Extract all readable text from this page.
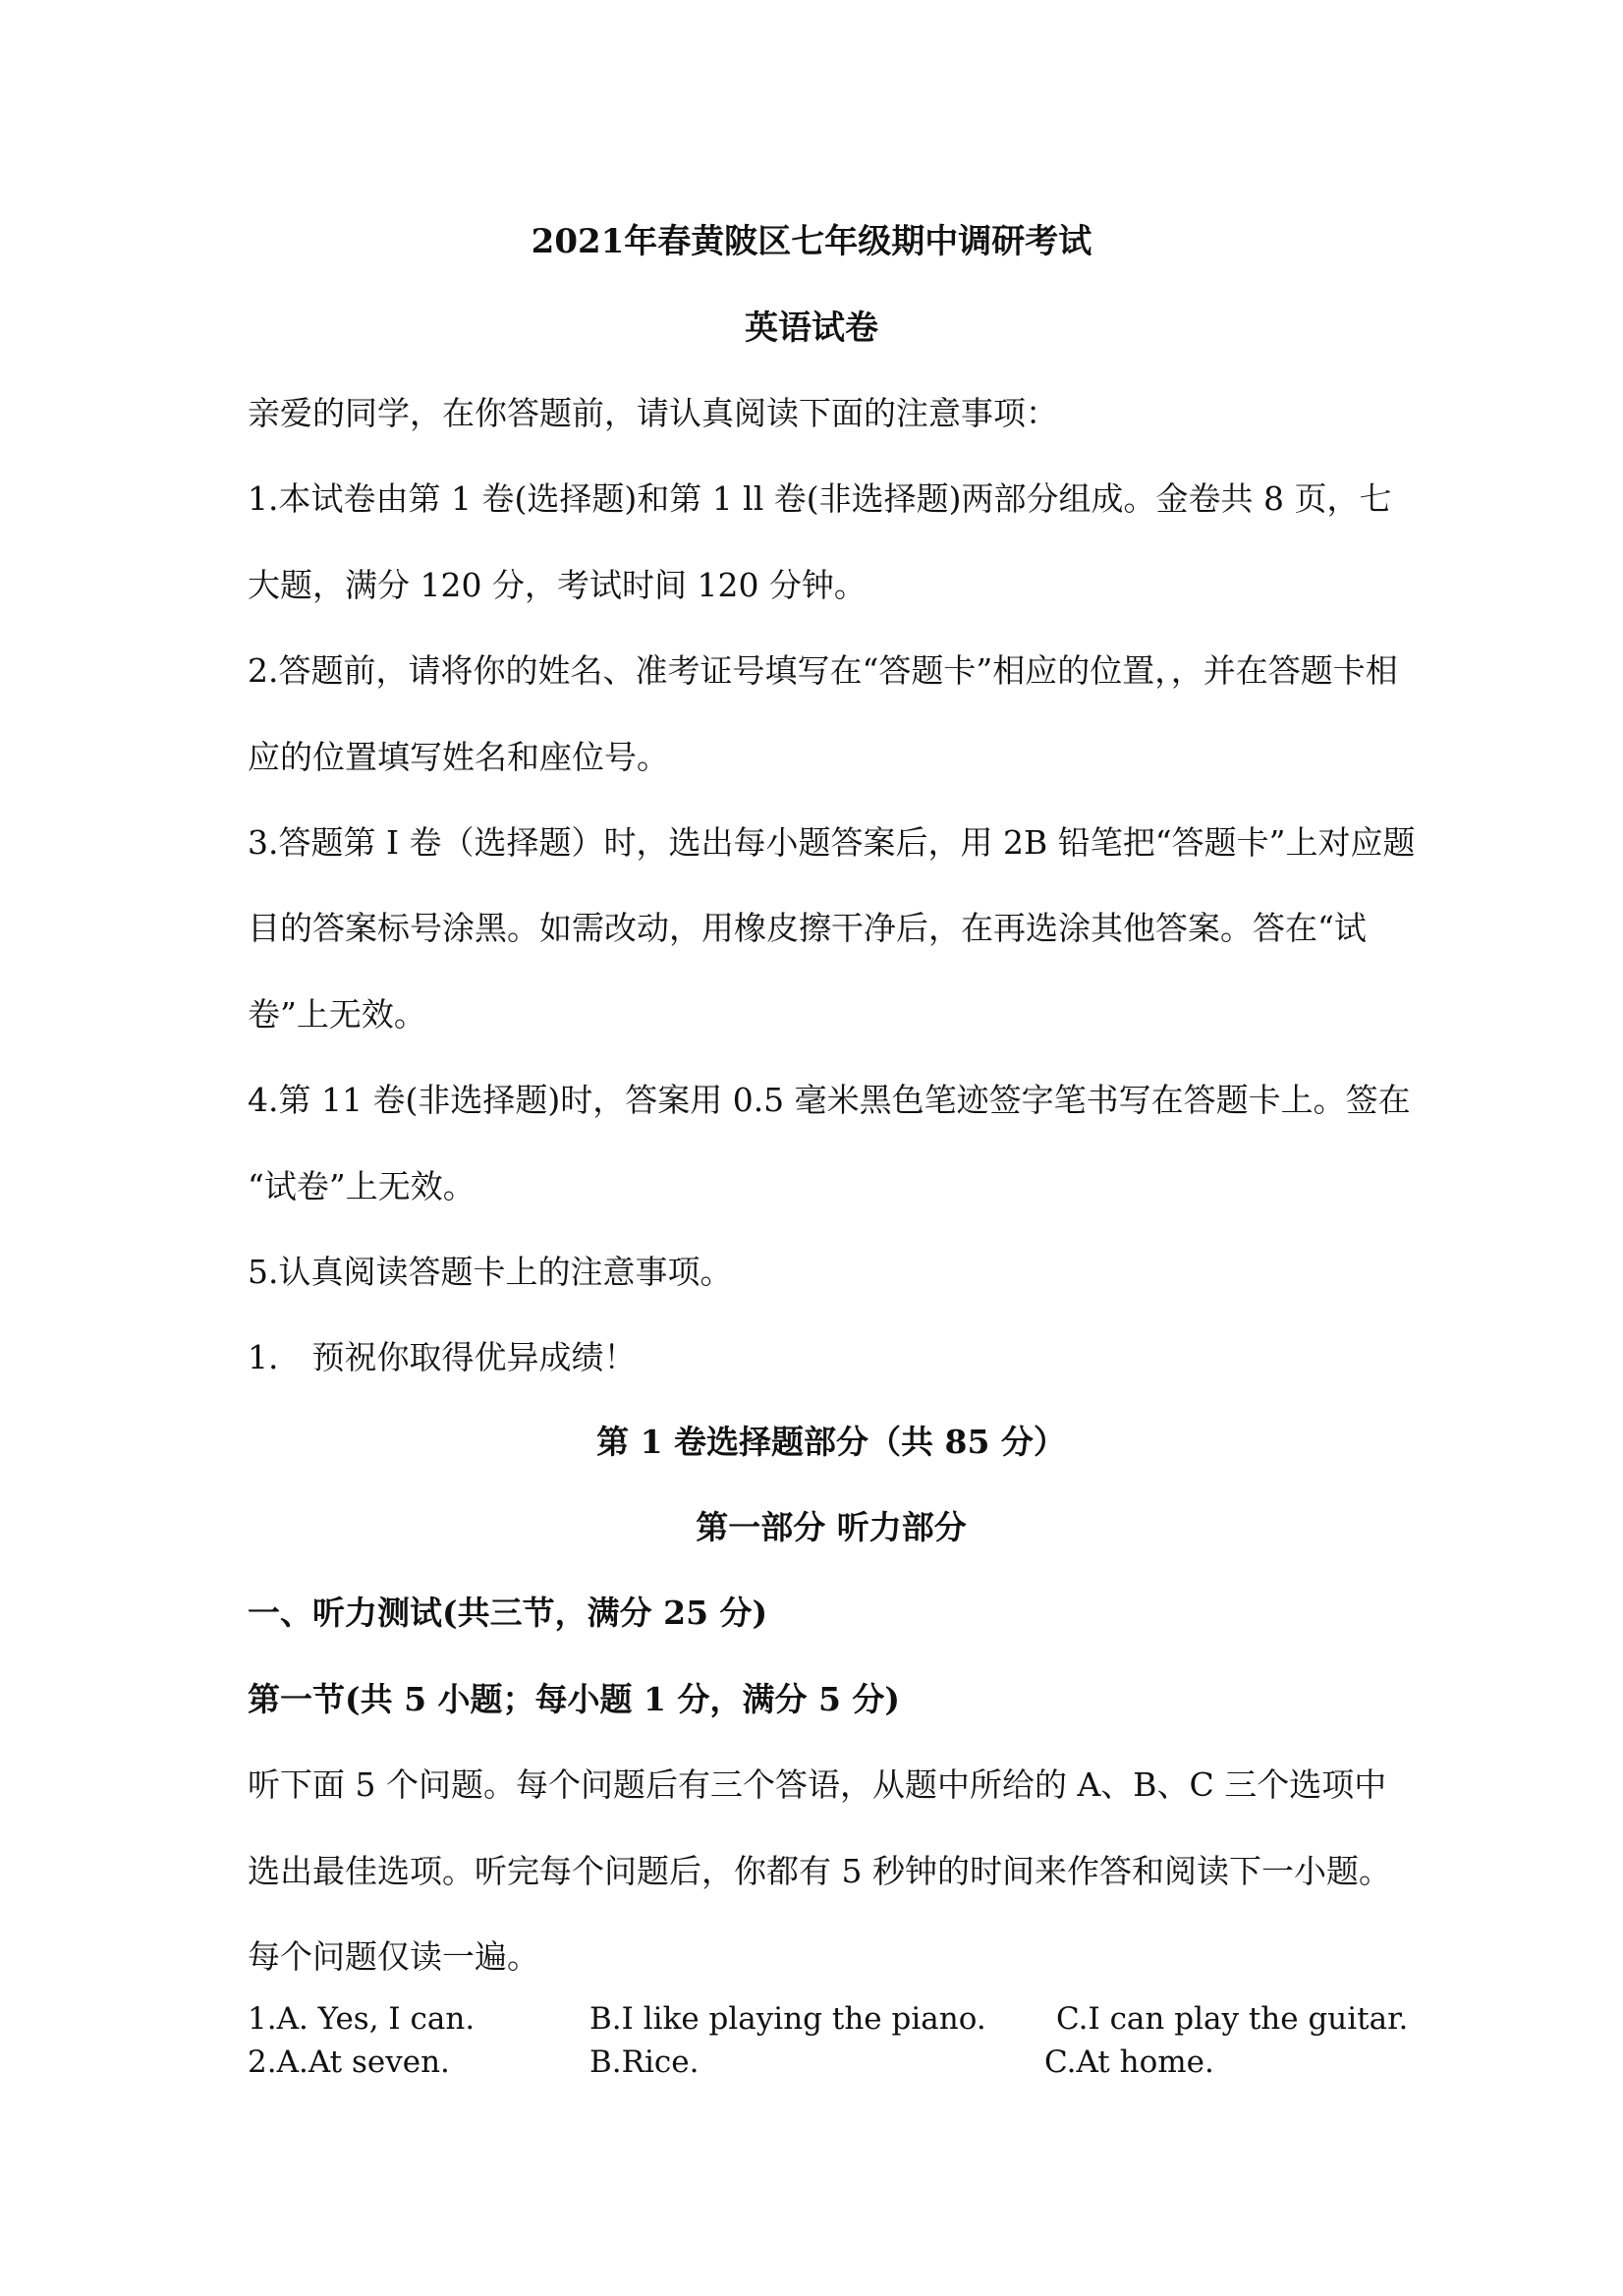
2021年春黄陂区七年级期中调研考试
英语试卷
亲爱的同学，在你答题前，请认真阅读下面的注意事项：
1.本试卷由第 1 卷(选择题)和第 1 ll 卷(非选择题)两部分组成。金卷共 8 页，七
大题，满分 120 分，考试时间 120 分钟。
2.答题前，请将你的姓名、准考证号填写在“答题卡”相应的位置，，并在答题卡相
应的位置填写姓名和座位号。
3.答题第 I 卷（选择题）时，选出每小题答案后，用 2B 铅笔把“答题卡”上对应题
目的答案标号涂黑。如需改动，用橡皮擦干净后，在再选涂其他答案。答在“试
卷”上无效。
4.第 11 卷(非选择题)时，答案用 0.5 毫米黑色笔迹签字笔书写在答题卡上。签在
“试卷”上无效。
5.认真阅读答题卡上的注意事项。
1. 预祝你取得优异成绩！
第 1 卷选择题部分（共 85 分）
第一部分 听力部分
一、听力测试(共三节，满分 25 分)
第一节(共 5 小题；每小题 1 分，满分 5 分)
听下面 5 个问题。每个问题后有三个答语，从题中所给的 A、B、C 三个选项中
选出最佳选项。听完每个问题后，你都有 5 秒钟的时间来作答和阅读下一小题。
每个问题仅读一遍。
1.A. Yes, I can.	B.I like playing the piano. C.I can play the guitar.
2.A.At seven.	B.Rice.	C.At home.
